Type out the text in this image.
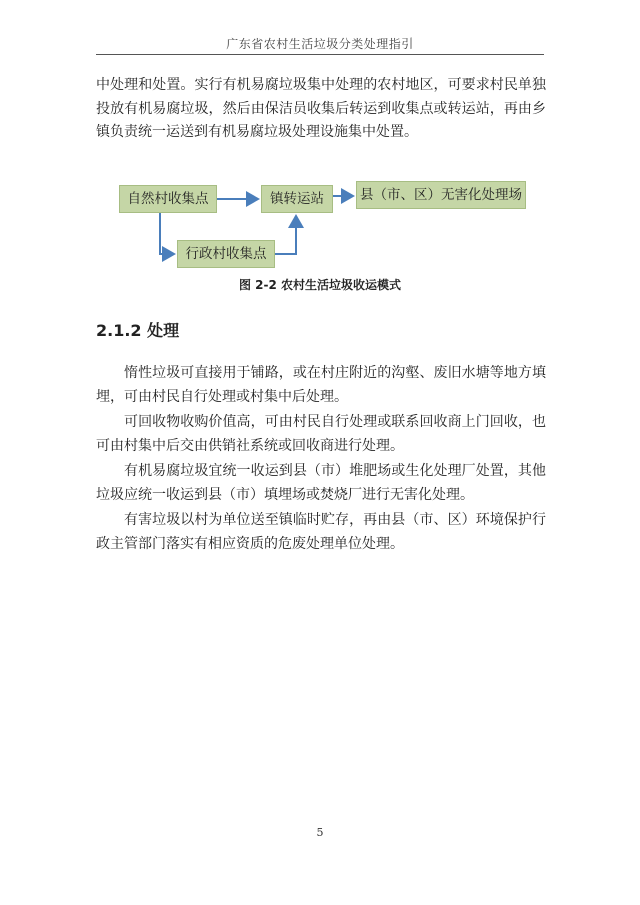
广东省农村生活垃圾分类处理指引

中处理和处置。实行有机易腐垃圾集中处理的农村地区，可要求村民单独投放有机易腐垃圾，然后由保洁员收集后转运到收集点或转运站，再由乡镇负责统一运送到有机易腐垃圾处理设施集中处置。

自然村收集点	镇转运站	县（市、区）无害化处理场
行政村收集点
图 2-2 农村生活垃圾收运模式
2.1.2 处理

惰性垃圾可直接用于铺路，或在村庄附近的沟壑、废旧水塘等地方填埋，可由村民自行处理或村集中后处理。

可回收物收购价值高，可由村民自行处理或联系回收商上门回收，也可由村集中后交由供销社系统或回收商进行处理。

有机易腐垃圾宜统一收运到县（市）堆肥场或生化处理厂处置，其他垃圾应统一收运到县（市）填埋场或焚烧厂进行无害化处理。

有害垃圾以村为单位送至镇临时贮存，再由县（市、区）环境保护行政主管部门落实有相应资质的危废处理单位处理。

5
